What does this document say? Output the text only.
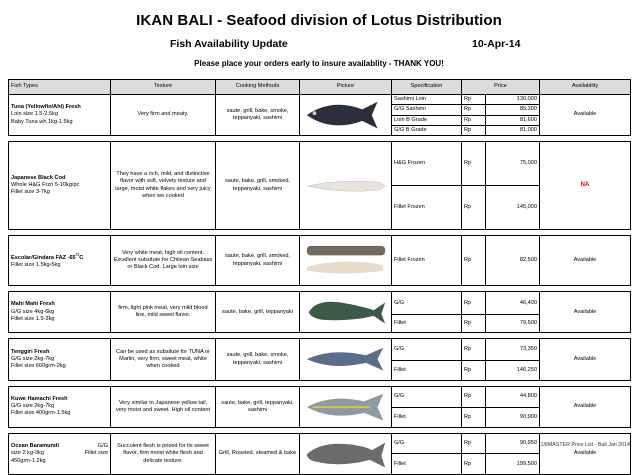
IKAN BALI - Seafood division of Lotus Distribution
Fish Availability Update	10-Apr-14
Please place your orders early to insure availablity - THANK YOU!
Fish Types	Texture	Cooking Methods	Picture	Specification	Price		Availability

Tuna (Yellowfin/Ahi) Fresh
Loin size 1.5-2.5kg
Baby Tuna wh 1kg-1.5kg	Very firm and meaty.	saute, grill, bake, smoke, teppanyaki, sashimi		Sashimi Loin	Rp	130,000	Available
				G/G Sashimi	Rp	85,300	
				Loin B Grade	Rp	81,600	
				G/G B Grade	Rp	81,000	

Japanese Black Cod
Whole H&G Frzn 5-10kg/pc
Fillet size 3-7kg	They have a rich, mild, and distinctive flavor with soft, velvety texture and large, moist white flakes and very juicy when we cooked	saute, bake, grill, smoked, teppanyaki, sashimi		H&G Frozen	Rp	75,000	NA
				Fillet Frozen	Rp	145,000	

Escolar/Gindara FAZ $-65^OC$
Fillet size 1.5kg-5kg	Very white meat, high oil content. Excellent subsitute for Chilean Seabass or Black Cod. Large loin size	saute, bake, grill, smoked, teppanyaki, sashimi		Fillet Frozen	Rp	82,500	Available

Mahi Mahi Fresh
G/G size 4kg-6kg
Fillet size 1.5-3kg	firm, light pink meat, very mild blood line, mild sweet flavor.	saute, bake, grill, teppanyaki		G/G	Rp	46,400	Available
				Fillet	Rp	79,500	

Tenggiri Fresh
G/G size 2kg-7kg
Fillet size 600grm-2kg	Can be used as subsitute for TUNA or Marlin, very firm, sweet meat, white when cooked	saute, grill, bake, smoke, teppanyaki, sashimi		G/G	Rp	73,350	Available
				Fillet	Rp	146,250	

Kuwe Hamachi Fresh
G/G size 2kg-7kg
Fillet size 400grm-1.5kg	Very similar to Japanese yellow tail, very moist and sweet. High oil content	saute, bake, grill, teppanyaki, sashimi		G/G	Rp	44,800	Available
				Fillet	Rp	90,900	

G/G
Ocean Baramundi
Fillet size
size 2 kg-3kg
450grm-1.2kg	Succulent flesh is prized for its sweet flavor, firm moist white flesh and delicate texture.	Grill, Roasted, steamed & bake		G/G	Rp	90,950	Available
				Fillet	Rp	199,500	
1/6MASTER Price List - Bali Jan 2014
